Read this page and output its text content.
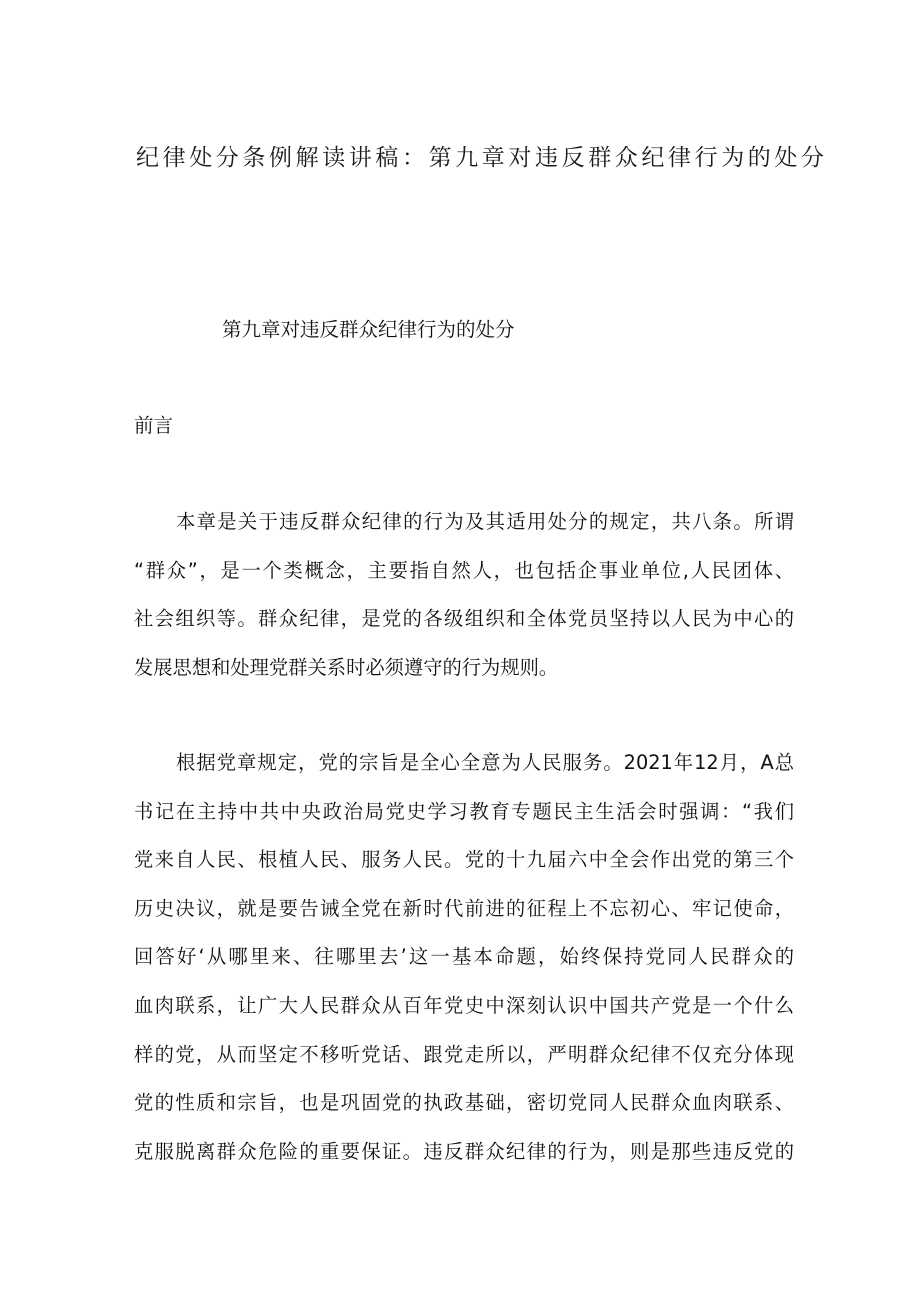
纪律处分条例解读讲稿：第九章对违反群众纪律行为的处分
第九章对违反群众纪律行为的处分
前言
本章是关于违反群众纪律的行为及其适用处分的规定，共八条。所谓
“群众”，是一个类概念，主要指自然人，也包括企事业单位,人民团体、
社会组织等。群众纪律，是党的各级组织和全体党员坚持以人民为中心的
发展思想和处理党群关系时必须遵守的行为规则。
根据党章规定，党的宗旨是全心全意为人民服务。2021年12月，A总
书记在主持中共中央政治局党史学习教育专题民主生活会时强调：“我们
党来自人民、根植人民、服务人民。党的十九届六中全会作出党的第三个
历史决议，就是要告诫全党在新时代前进的征程上不忘初心、牢记使命，
回答好‘从哪里来、往哪里去’这一基本命题，始终保持党同人民群众的
血肉联系，让广大人民群众从百年党史中深刻认识中国共产党是一个什么
样的党，从而坚定不移听党话、跟党走所以，严明群众纪律不仅充分体现
党的性质和宗旨，也是巩固党的执政基础，密切党同人民群众血肉联系、
克服脱离群众危险的重要保证。违反群众纪律的行为，则是那些违反党的
